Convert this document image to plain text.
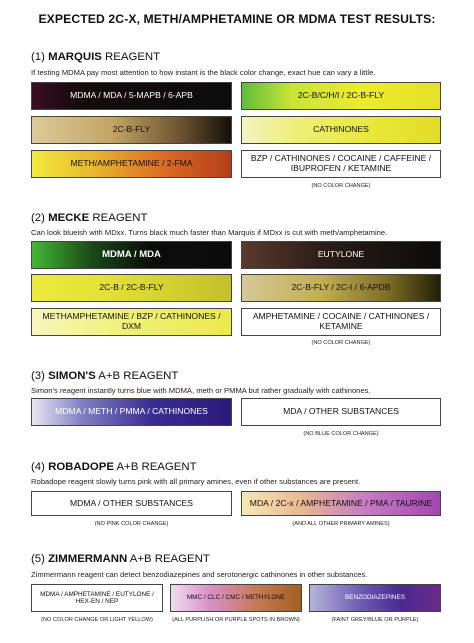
EXPECTED 2C-X, METH/AMPHETAMINE OR MDMA TEST RESULTS:
(1) MARQUIS REAGENT
If testing MDMA pay most attention to how instant is the black color change, exact hue can vary a little.
MDMA / MDA / 5-MAPB / 6-APB	2C-B/C/H/I / 2C-B-FLY
2C-B-FLY	CATHINONES
METH/AMPHETAMINE / 2-FMA	BZP / CATHINONES / COCAINE / CAFFEINE / IBUPROFEN / KETAMINE
(NO COLOR CHANGE)
(2) MECKE REAGENT
Can look blueish with MDxx. Turns black much faster than Marquis if MDxx is cut with meth/amphetamine.
MDMA / MDA	EUTYLONE
2C-B / 2C-B-FLY	2C-B-FLY / 2C-I / 6-APDB
METHAMPHETAMINE / BZP / CATHINONES / DXM
AMPHETAMINE / COCAINE / CATHINONES / KETAMINE
(NO COLOR CHANGE)
(3) SIMON'S A+B REAGENT
Simon's reagent instantly turns blue with MDMA, meth or PMMA but rather gradually with cathinones.
MDMA / METH / PMMA / CATHINONES	MDA / OTHER SUBSTANCES
(NO BLUE COLOR CHANGE)
(4) ROBADOPE A+B REAGENT
Robadope reagent slowly turns pink with all primary amines, even if other substances are present.
MDMA / OTHER SUBSTANCES	MDA / 2C-x / AMPHETAMINE / PMA / TAURINE
(NO PINK COLOR CHANGE)	(AND ALL OTHER PRIMARY AMINES)
(5) ZIMMERMANN A+B REAGENT
Zimmermann reagent can detect benzodiazepines and serotonergic cathinones in other substances.
MDMA / AMPHETAMINE / EUTYLONE / HEX-EN / NEP
MMC / CLC / CMC / METHYLONE	BENZODIAZEPINES
(NO COLOR CHANGE OR LIGHT YELLOW)	(ALL PURPLISH OR PURPLE SPOTS IN BROWN)	(FAINT GREY/BLUE OR PURPLE)
